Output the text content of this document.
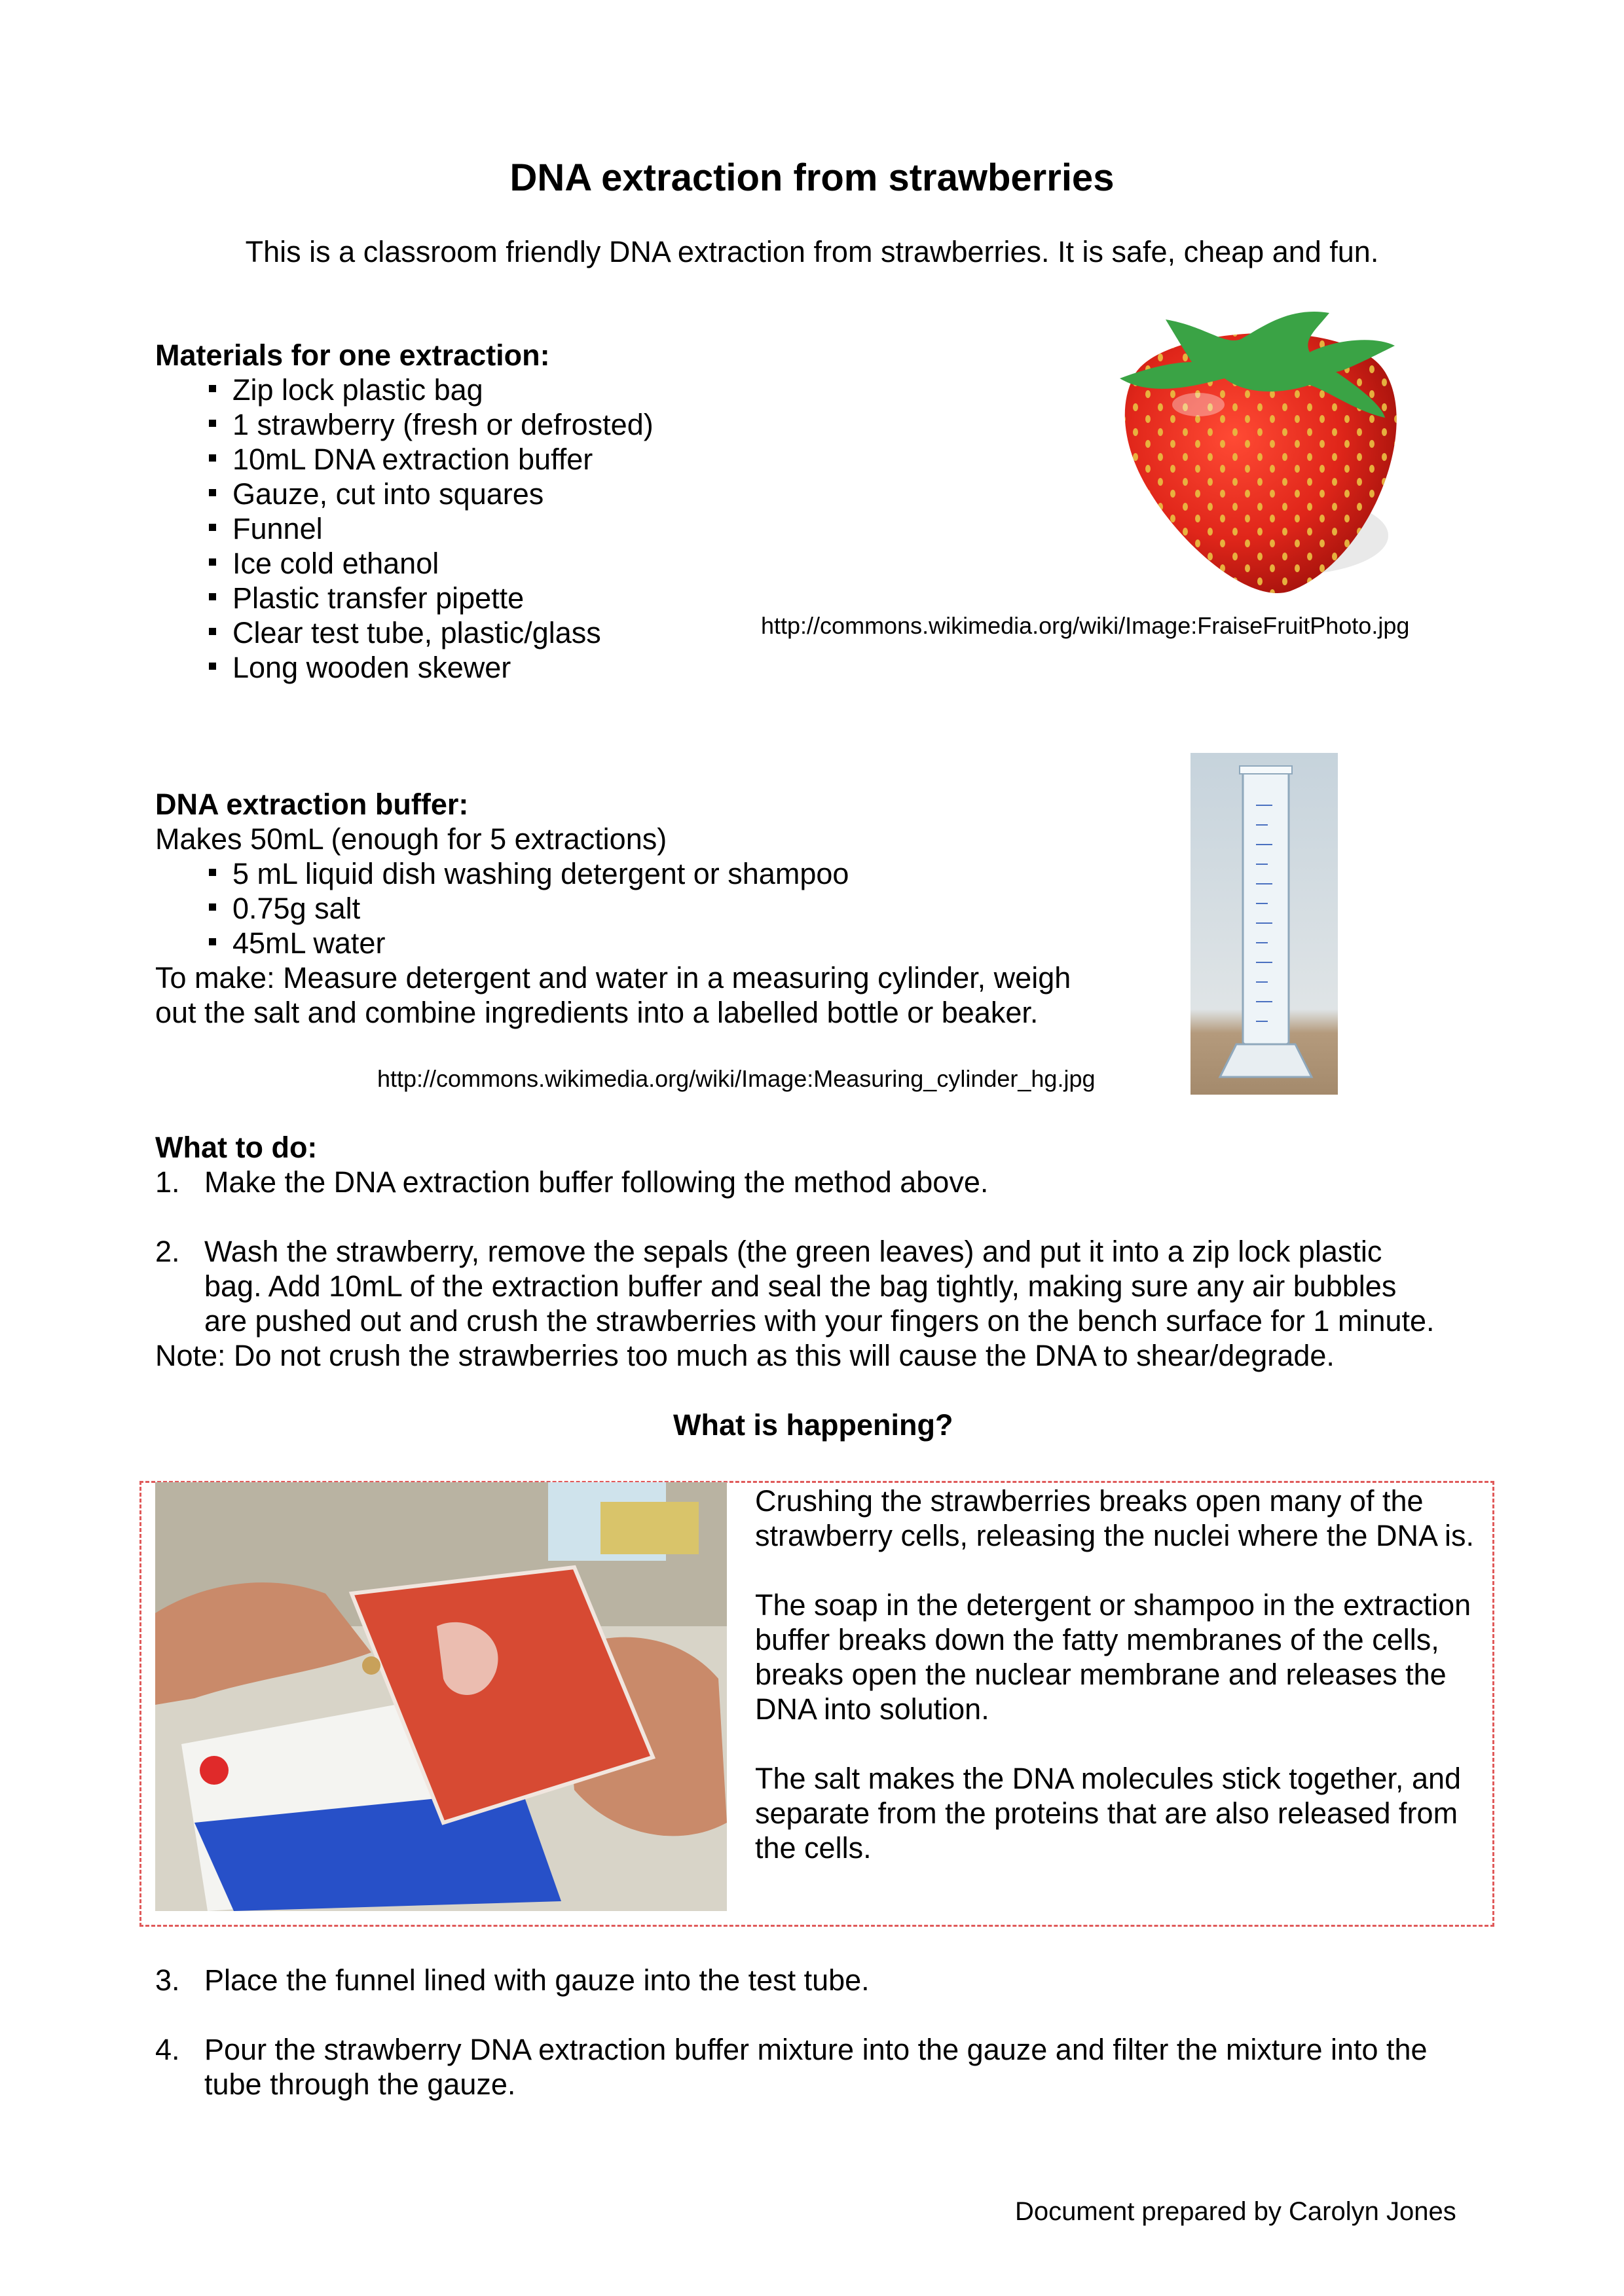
DNA extraction from strawberries
This is a classroom friendly DNA extraction from strawberries. It is safe, cheap and fun.
Materials for one extraction:
Zip lock plastic bag
1 strawberry (fresh or defrosted)
10mL DNA extraction buffer
Gauze, cut into squares
Funnel
Ice cold ethanol
Plastic transfer pipette
Clear test tube, plastic/glass
Long wooden skewer
http://commons.wikimedia.org/wiki/Image:FraiseFruitPhoto.jpg
DNA extraction buffer:
Makes 50mL (enough for 5 extractions)
5 mL liquid dish washing detergent or shampoo
0.75g salt
45mL water
To make: Measure detergent and water in a measuring cylinder, weigh
out the salt and combine ingredients into a labelled bottle or beaker.
http://commons.wikimedia.org/wiki/Image:Measuring_cylinder_hg.jpg
What to do:
1. Make the DNA extraction buffer following the method above.
2. Wash the strawberry, remove the sepals (the green leaves) and put it into a zip lock plastic
bag. Add 10mL of the extraction buffer and seal the bag tightly, making sure any air bubbles
are pushed out and crush the strawberries with your fingers on the bench surface for 1 minute.
Note: Do not crush the strawberries too much as this will cause the DNA to shear/degrade.
What is happening?

Crushing the strawberries breaks open many of the strawberry cells, releasing the nuclei where the DNA is.

The soap in the detergent or shampoo in the extraction buffer breaks down the fatty membranes of the cells, breaks open the nuclear membrane and releases the DNA into solution.

The salt makes the DNA molecules stick together, and separate from the proteins that are also released from the cells.

3. Place the funnel lined with gauze into the test tube.
4. Pour the strawberry DNA extraction buffer mixture into the gauze and filter the mixture into the
tube through the gauze.
Document prepared by Carolyn Jones
